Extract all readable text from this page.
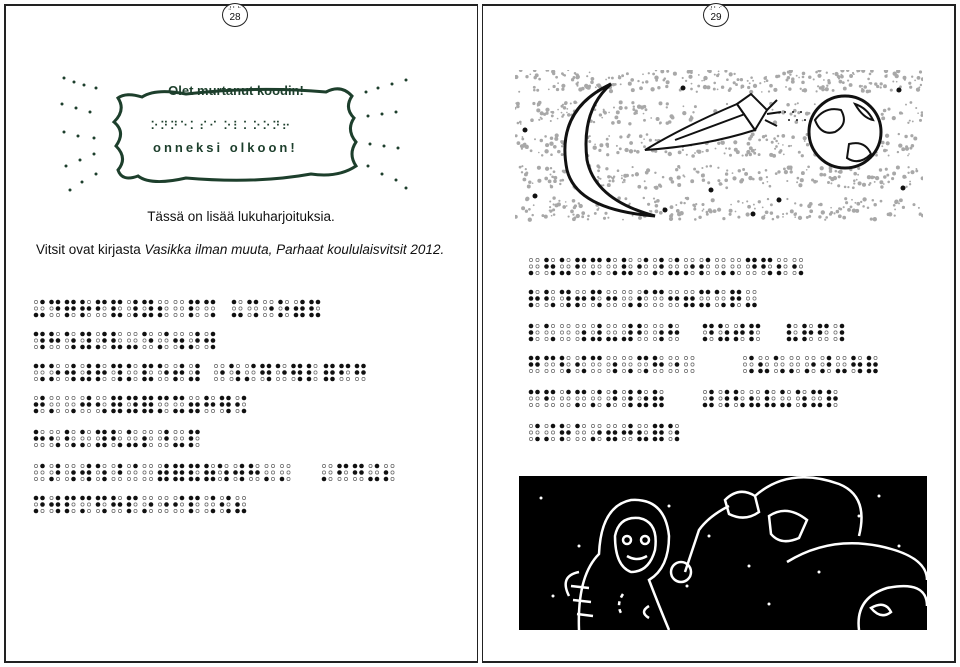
⠼⠃⠓
28
Olet murtanut koodin!
⠕⠝⠝⠑⠅⠎⠊ ⠕⠇⠅⠕⠕⠝⠖
onneksi olkoon!
Tässä on lisää lukuharjoituksia.
Vitsit ovat kirjasta Vasikka ilman muuta, Parhaat koululaisvitsit 2012.
⠼⠃⠊
29
